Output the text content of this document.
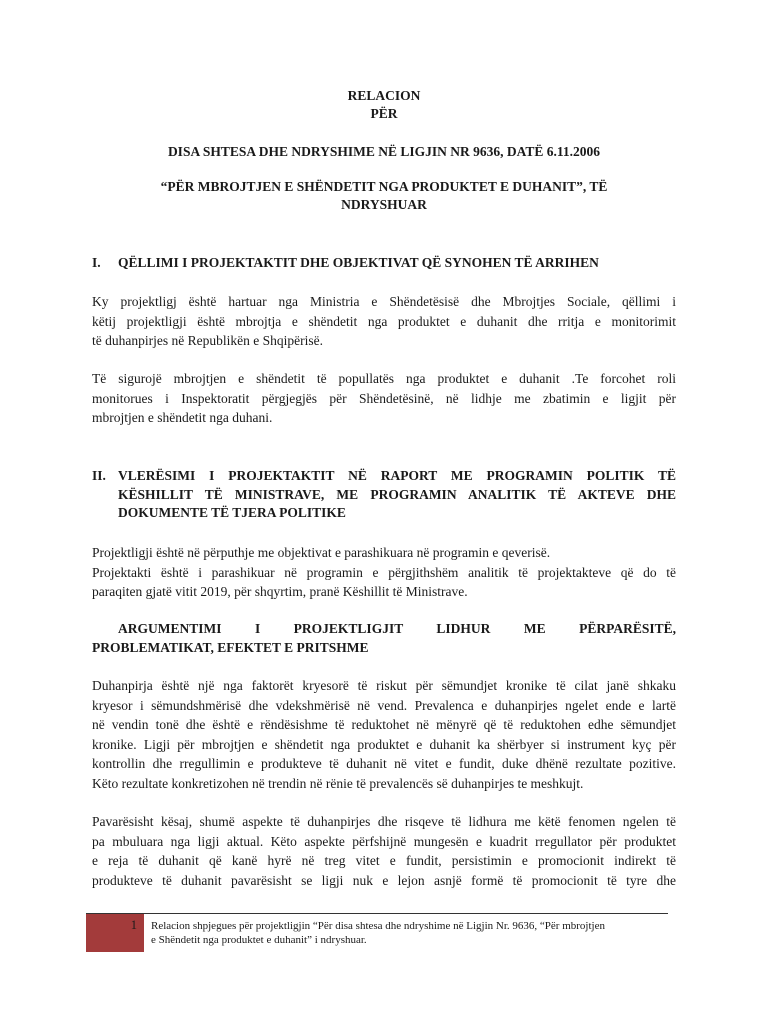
RELACION
PËR
DISA SHTESA DHE NDRYSHIME NË LIGJIN NR 9636, DATË 6.11.2006
“PËR MBROJTJEN E SHËNDETIT NGA PRODUKTET E DUHANIT”, TË
NDRYSHUAR
I. QËLLIMI I PROJEKTAKTIT DHE OBJEKTIVAT QË SYNOHEN TË ARRIHEN
Ky projektligj është hartuar nga Ministria e Shëndetësisë dhe Mbrojtjes Sociale, qëllimi i
këtij projektligji është mbrojtja e shëndetit nga produktet e duhanit dhe rritja e monitorimit
të duhanpirjes në Republikën e Shqipërisë.
Të sigurojë mbrojtjen e shëndetit të popullatës nga produktet e duhanit .Te forcohet roli
monitorues i Inspektoratit përgjegjës për Shëndetësinë, në lidhje me zbatimin e ligjit për
mbrojtjen e shëndetit nga duhani.
II. VLERËSIMI I PROJEKTAKTIT NË RAPORT ME PROGRAMIN POLITIK TË
KËSHILLIT TË MINISTRAVE, ME PROGRAMIN ANALITIK TË AKTEVE DHE
DOKUMENTE TË TJERA POLITIKE
Projektligji është në përputhje me objektivat e parashikuara në programin e qeverisë.
Projektakti është i parashikuar në programin e përgjithshëm analitik të projektakteve që do të
paraqiten gjatë vitit 2019, për shqyrtim, pranë Këshillit të Ministrave.
ARGUMENTIMI I PROJEKTLIGJIT LIDHUR ME PËRPARËSITË,
PROBLEMATIKAT, EFEKTET E PRITSHME
Duhanpirja është një nga faktorët kryesorë të riskut për sëmundjet kronike të cilat janë shkaku
kryesor i sëmundshmërisë dhe vdekshmërisë në vend. Prevalenca e duhanpirjes ngelet ende e lartë
në vendin tonë dhe është e rëndësishme të reduktohet në mënyrë që të reduktohen edhe sëmundjet
kronike. Ligji për mbrojtjen e shëndetit nga produktet e duhanit ka shërbyer si instrument kyç për
kontrollin dhe rregullimin e produkteve të duhanit në vitet e fundit, duke dhënë rezultate pozitive.
Këto rezultate konkretizohen në trendin në rënie të prevalencës së duhanpirjes te meshkujt.
Pavarësisht kësaj, shumë aspekte të duhanpirjes dhe risqeve të lidhura me këtë fenomen ngelen të
pa mbuluara nga ligji aktual. Këto aspekte përfshijnë mungesën e kuadrit rregullator për produktet
e reja të duhanit që kanë hyrë në treg vitet e fundit, persistimin e promocionit indirekt të
produkteve të duhanit pavarësisht se ligji nuk e lejon asnjë formë të promocionit të tyre dhe
1	Relacion shpjegues për projektligjin “Për disa shtesa dhe ndryshime në Ligjin Nr. 9636, “Për mbrojtjen
e Shëndetit nga produktet e duhanit” i ndryshuar.
